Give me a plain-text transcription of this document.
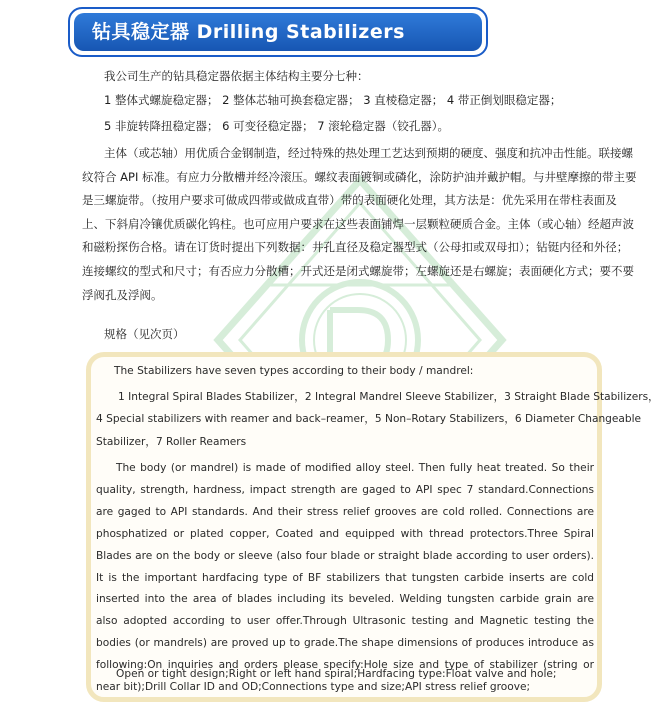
钻具稳定器 Drilling Stabilizers

我公司生产的钻具稳定器依据主体结构主要分七种：

1 整体式螺旋稳定器； 2 整体芯轴可换套稳定器； 3 直棱稳定器； 4 带正倒划眼稳定器；

5 非旋转降扭稳定器； 6 可变径稳定器； 7 滚轮稳定器（铰孔器）。

主体（或芯轴）用优质合金钢制造，经过特殊的热处理工艺达到预期的硬度、强度和抗冲击性能。联接螺纹符合 API 标准。有应力分散槽并经冷滚压。螺纹表面镀铜或磷化，涂防护油并戴护帽。与井壁摩擦的带主要是三螺旋带。（按用户要求可做成四带或做成直带）带的表面硬化处理，其方法是：优先采用在带柱表面及上、下斜肩冷镶优质碳化钨柱。也可应用户要求在这些表面铺焊一层颗粒硬质合金。主体（或心轴）经超声波和磁粉探伤合格。请在订货时提出下列数据：井孔直径及稳定器型式（公母扣或双母扣）；钻铤内径和外径；连接螺纹的型式和尺寸；有否应力分散槽；开式还是闭式螺旋带；左螺旋还是右螺旋；表面硬化方式；要不要浮阀孔及浮阀。

规格（见次页）

The Stabilizers have seven types according to their body / mandrel:

1 Integral Spiral Blades Stabilizer，2 Integral Mandrel Sleeve Stabilizer，3 Straight Blade Stabilizers，

4 Special stabilizers with reamer and back–reamer，5 Non–Rotary Stabilizers，6 Diameter Changeable

Stabilizer，7 Roller Reamers

The body (or mandrel) is made of modified alloy steel. Then fully heat treated. So their quality, strength, hardness, impact strength are gaged to API spec 7 standard.Connections are gaged to API standards. And their stress relief grooves are cold rolled. Connections are phosphatized or plated copper, Coated and equipped with thread protectors.Three Spiral Blades are on the body or sleeve (also four blade or straight blade according to user orders). It is the important hardfacing type of BF stabilizers that tungsten carbide inserts are cold inserted into the area of blades including its beveled. Welding tungsten carbide grain are also adopted according to user offer.Through Ultrasonic testing and Magnetic testing the bodies (or mandrels) are proved up to grade.The shape dimensions of produces introduce as following:On inquiries and orders please specify:Hole size and type of stabilizer (string or near bit);Drill Collar ID and OD;Connections type and size;API stress relief groove;

Open or tight design;Right or left hand spiral;Hardfacing type:Float valve and hole;
